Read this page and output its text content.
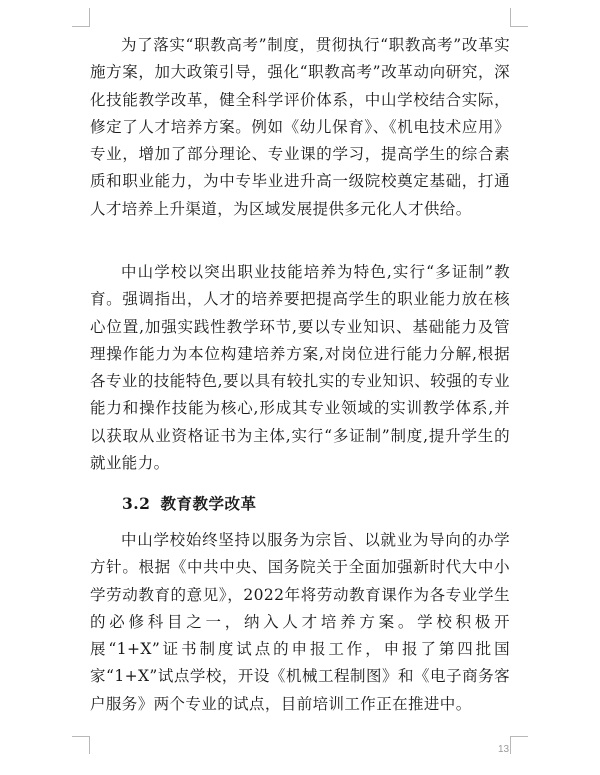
为了落实“职教高考”制度，贯彻执行“职教高考”改革实施方案，加大政策引导，强化“职教高考”改革动向研究，深化技能教学改革，健全科学评价体系，中山学校结合实际，修定了人才培养方案。例如《幼儿保育》、《机电技术应用》专业，增加了部分理论、专业课的学习，提高学生的综合素质和职业能力，为中专毕业进升高一级院校奠定基础，打通人才培养上升渠道，为区域发展提供多元化人才供给。

中山学校以突出职业技能培养为特色,实行“多证制”教育。强调指出，人才的培养要把提高学生的职业能力放在核心位置,加强实践性教学环节,要以专业知识、基础能力及管理操作能力为本位构建培养方案,对岗位进行能力分解,根据各专业的技能特色,要以具有较扎实的专业知识、较强的专业能力和操作技能为核心,形成其专业领域的实训教学体系,并以获取从业资格证书为主体,实行“多证制”制度,提升学生的就业能力。

3.2 教育教学改革

中山学校始终坚持以服务为宗旨、以就业为导向的办学方针。根据《中共中央、国务院关于全面加强新时代大中小学劳动教育的意见》，2022年将劳动教育课作为各专业学生的必修科目之一，纳入人才培养方案。学校积极开展“1+X”证书制度试点的申报工作，申报了第四批国家“1+X”试点学校，开设《机械工程制图》和《电子商务客户服务》两个专业的试点，目前培训工作正在推进中。

13
